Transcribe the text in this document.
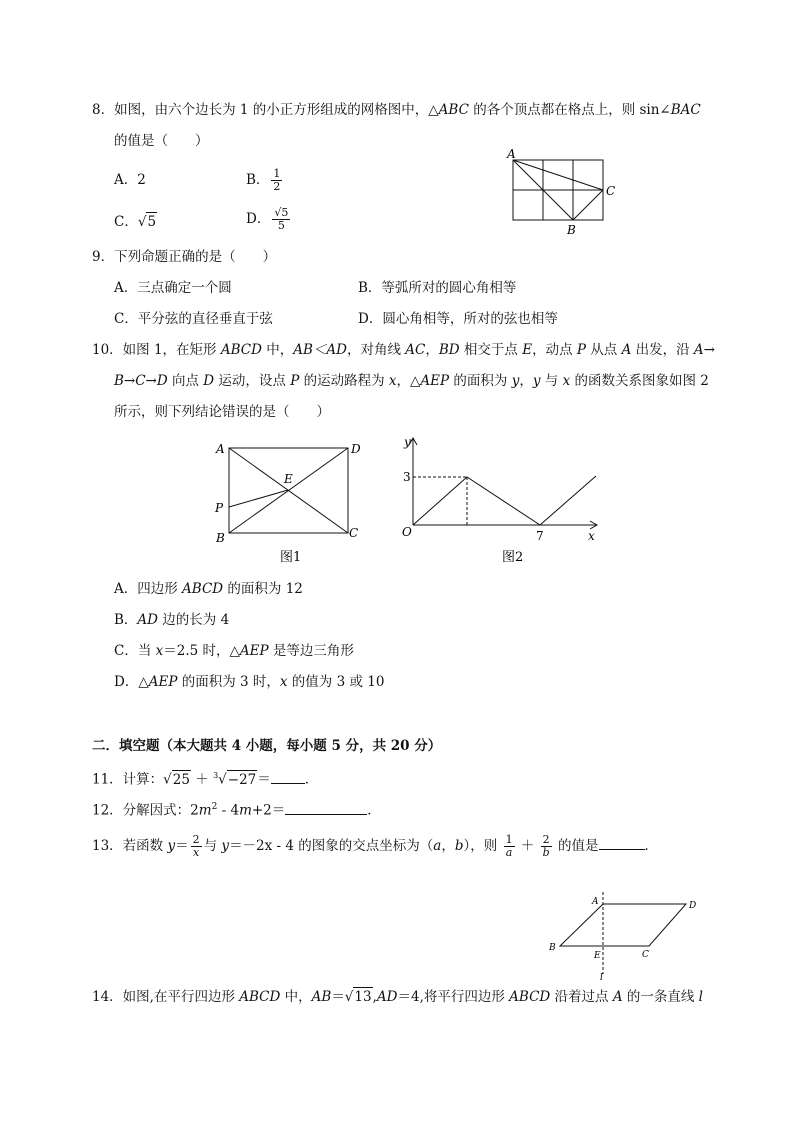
8．如图，由六个边长为 1 的小正方形组成的网格图中，△ABC 的各个顶点都在格点上，则 sin∠BAC
的值是（　　）
A．2	B． $\frac{1}{2}$
C．√5	D． $\frac{√5}{5}$
A
C
B
9．下列命题正确的是（　　）
A．三点确定一个圆	B．等弧所对的圆心角相等
C．平分弦的直径垂直于弦	D．圆心角相等，所对的弦也相等
10．如图 1，在矩形 ABCD 中，AB＜AD，对角线 AC，BD 相交于点 E，动点 P 从点 A 出发，沿 A→
B→C→D 向点 D 运动，设点 P 的运动路程为 x，△AEP 的面积为 y，y 与 x 的函数关系图象如图 2
所示，则下列结论错误的是（　　）
A	D
E
P
B	C
图1
y
O
3
7	x
图2
A．四边形 ABCD 的面积为 12
B．AD 边的长为 4
C．当 x＝2.5 时，△AEP 是等边三角形
D．△AEP 的面积为 3 时，x 的值为 3 或 10
二．填空题（本大题共 4 小题，每小题 5 分，共 20 分）
11．计算：√25 ＋ $^3$√−27＝	．
12．分解因式：$2m^2 - 4m+2=$	．
13．若函数 $y= \frac{2}{x}$ 与 y＝－2x - 4 的图象的交点坐标为（a，b），则 $\frac{1}{a} + \frac{2}{b}$ 的值是	．
A	D
B
E	C
l
14．如图,在平行四边形 ABCD 中，AB＝√13,AD＝4,将平行四边形 ABCD 沿着过点 A 的一条直线 l
